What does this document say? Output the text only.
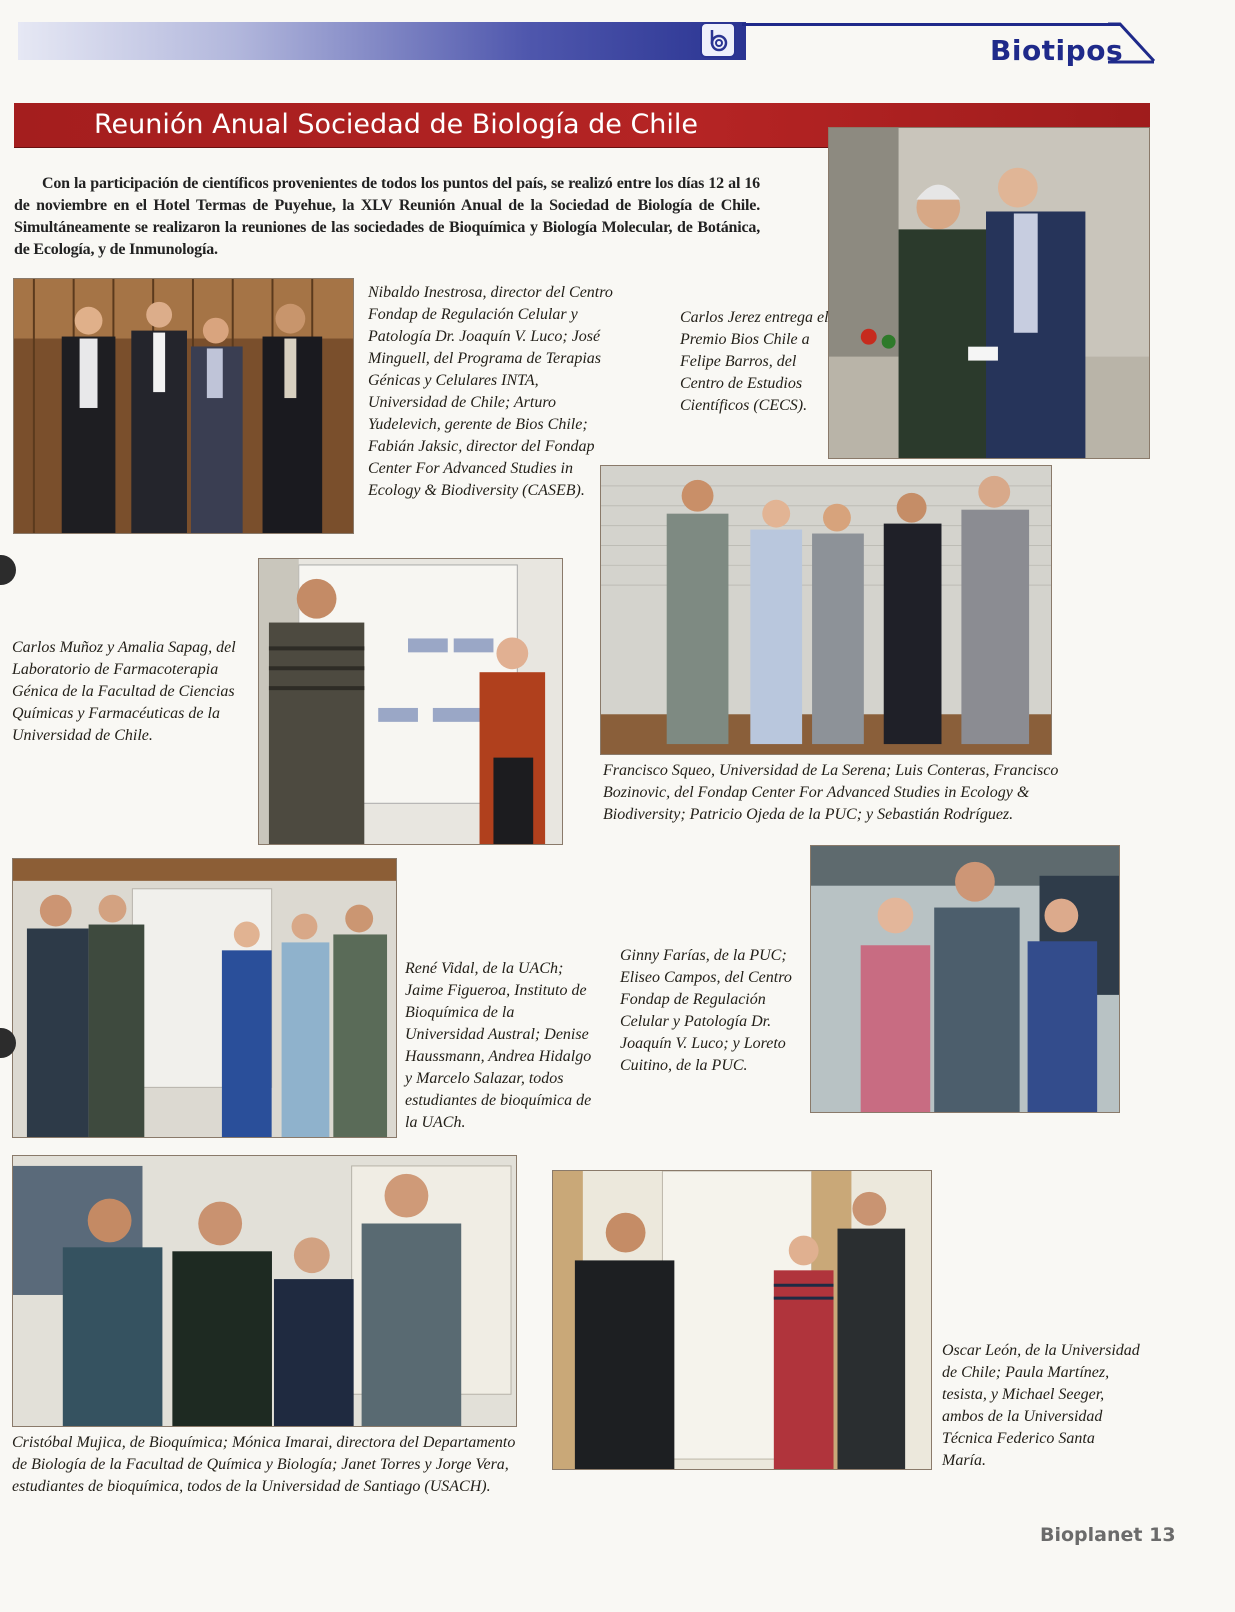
Biotipos
Reunión Anual Sociedad de Biología de Chile
Con la participación de científicos provenientes de todos los puntos del país, se realizó entre los días 12 al 16 de noviembre en el Hotel Termas de Puyehue, la XLV Reunión Anual de la Sociedad de Biología de Chile. Simultáneamente se realizaron la reuniones de las sociedades de Bioquímica y Biología Molecular, de Botánica, de Ecología, y de Inmunología.
Nibaldo Inestrosa, director del Centro Fondap de Regulación Celular y Patología Dr. Joaquín V. Luco; José Minguell, del Programa de Terapias Génicas y Celulares INTA, Universidad de Chile; Arturo Yudelevich, gerente de Bios Chile; Fabián Jaksic, director del Fondap Center For Advanced Studies in Ecology & Biodiversity (CASEB).
Carlos Jerez entrega el Premio Bios Chile a Felipe Barros, del Centro de Estudios Científicos (CECS).
Francisco Squeo, Universidad de La Serena; Luis Conteras, Francisco Bozinovic, del Fondap Center For Advanced Studies in Ecology & Biodiversity; Patricio Ojeda de la PUC; y Sebastián Rodríguez.
Carlos Muñoz y Amalia Sapag, del Laboratorio de Farmacoterapia Génica de la Facultad de Ciencias Químicas y Farmacéuticas de la Universidad de Chile.
René Vidal, de la UACh; Jaime Figueroa, Instituto de Bioquímica de la Universidad Austral; Denise Haussmann, Andrea Hidalgo y Marcelo Salazar, todos estudiantes de bioquímica de la UACh.
Ginny Farías, de la PUC; Eliseo Campos, del Centro Fondap de Regulación Celular y Patología Dr. Joaquín V. Luco; y Loreto Cuitino, de la PUC.
Cristóbal Mujica, de Bioquímica; Mónica Imarai, directora del Departamento de Biología de la Facultad de Química y Biología; Janet Torres y Jorge Vera, estudiantes de bioquímica, todos de la Universidad de Santiago (USACH).
Oscar León, de la Universidad de Chile; Paula Martínez, tesista, y Michael Seeger, ambos de la Universidad Técnica Federico Santa María.
Bioplanet 13
